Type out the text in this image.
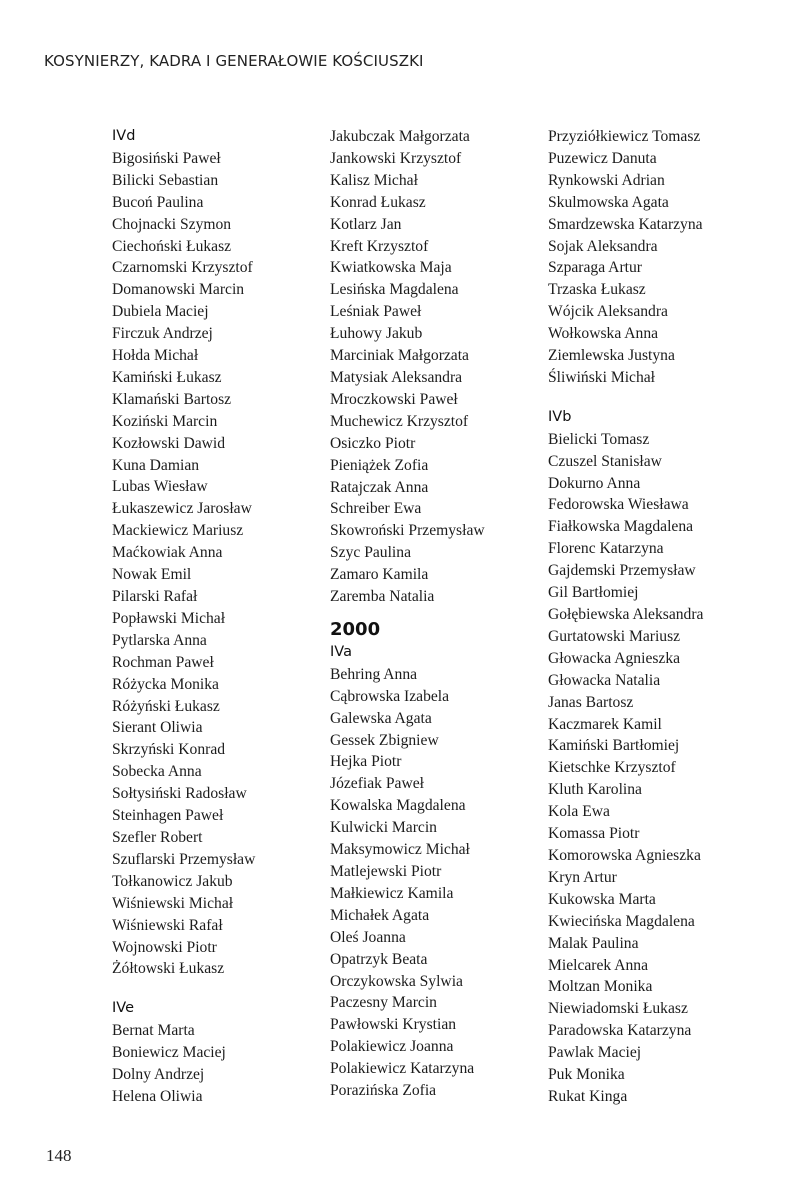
KOSYNIERZY, KADRA I GENERAŁOWIE KOŚCIUSZKI
IVd
Bigosiński Paweł
Bilicki Sebastian
Bucoń Paulina
Chojnacki Szymon
Ciechoński Łukasz
Czarnomski Krzysztof
Domanowski Marcin
Dubiela Maciej
Firczuk Andrzej
Hołda Michał
Kamiński Łukasz
Klamański Bartosz
Koziński Marcin
Kozłowski Dawid
Kuna Damian
Lubas Wiesław
Łukaszewicz Jarosław
Mackiewicz Mariusz
Maćkowiak Anna
Nowak Emil
Pilarski Rafał
Popławski Michał
Pytlarska Anna
Rochman Paweł
Różycka Monika
Różyński Łukasz
Sierant Oliwia
Skrzyński Konrad
Sobecka Anna
Sołtysiński Radosław
Steinhagen Paweł
Szefler Robert
Szuflarski Przemysław
Tołkanowicz Jakub
Wiśniewski Michał
Wiśniewski Rafał
Wojnowski Piotr
Żółtowski Łukasz
IVe
Bernat Marta
Boniewicz Maciej
Dolny Andrzej
Helena Oliwia
Jakubczak Małgorzata
Jankowski Krzysztof
Kalisz Michał
Konrad Łukasz
Kotlarz Jan
Kreft Krzysztof
Kwiatkowska Maja
Lesińska Magdalena
Leśniak Paweł
Łuhowy Jakub
Marciniak Małgorzata
Matysiak Aleksandra
Mroczkowski Paweł
Muchewicz Krzysztof
Osiczko Piotr
Pieniążek Zofia
Ratajczak Anna
Schreiber Ewa
Skowroński Przemysław
Szyc Paulina
Zamaro Kamila
Zaremba Natalia
2000
IVa
Behring Anna
Cąbrowska Izabela
Galewska Agata
Gessek Zbigniew
Hejka Piotr
Józefiak Paweł
Kowalska Magdalena
Kulwicki Marcin
Maksymowicz Michał
Matlejewski Piotr
Małkiewicz Kamila
Michałek Agata
Oleś Joanna
Opatrzyk Beata
Orczykowska Sylwia
Paczesny Marcin
Pawłowski Krystian
Polakiewicz Joanna
Polakiewicz Katarzyna
Porazińska Zofia
Przyziółkiewicz Tomasz
Puzewicz Danuta
Rynkowski Adrian
Skulmowska Agata
Smardzewska Katarzyna
Sojak Aleksandra
Szparaga Artur
Trzaska Łukasz
Wójcik Aleksandra
Wołkowska Anna
Ziemlewska Justyna
Śliwiński Michał
IVb
Bielicki Tomasz
Czuszel Stanisław
Dokurno Anna
Fedorowska Wiesława
Fiałkowska Magdalena
Florenc Katarzyna
Gajdemski Przemysław
Gil Bartłomiej
Gołębiewska Aleksandra
Gurtatowski Mariusz
Głowacka Agnieszka
Głowacka Natalia
Janas Bartosz
Kaczmarek Kamil
Kamiński Bartłomiej
Kietschke Krzysztof
Kluth Karolina
Kola Ewa
Komassa Piotr
Komorowska Agnieszka
Kryn Artur
Kukowska Marta
Kwiecińska Magdalena
Malak Paulina
Mielcarek Anna
Moltzan Monika
Niewiadomski Łukasz
Paradowska Katarzyna
Pawlak Maciej
Puk Monika
Rukat Kinga
148
